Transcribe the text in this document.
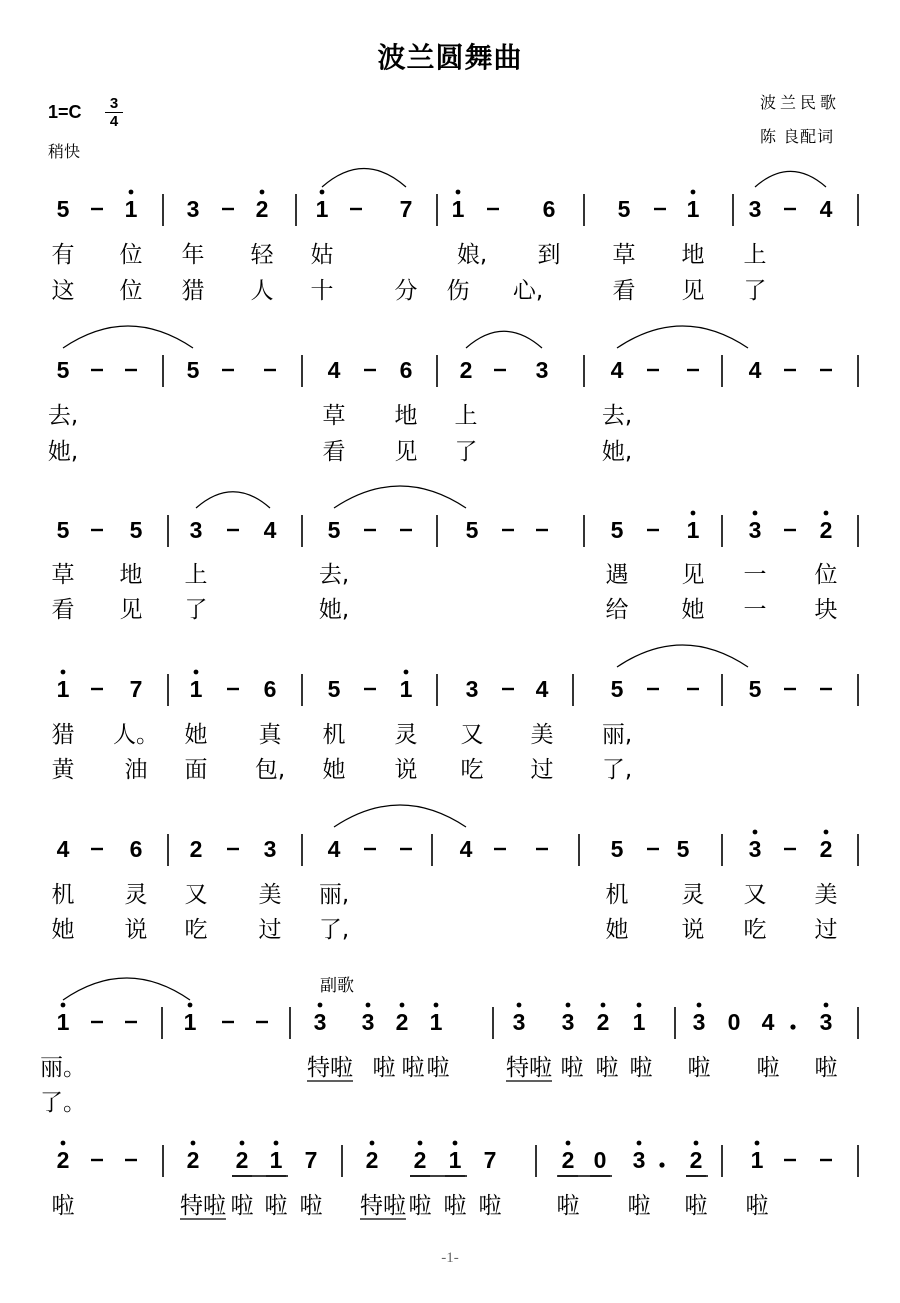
波兰圆舞曲
$1=C \frac{3}{4}$
稍快
波兰民歌
陈 良配词
5 1 3 2 1	7 1	6	5 1 3	4
有 位 年 轻 姑	娘, 到 草 地 上
这 位 猎 人 十	分 伤 心,	看 见 了
5	5	4	6 2	3	4	4
去,	草 地 上	去,
她,	看 见 了	她,
5	5 3	4 5	5	5	1 3	2
草 地 上	去,	遇 见 一 位
看 见 了	她,	给 她 一 块
1	7 1	6 5	1 3 4	5	5
猎 人。 她 真 机 灵 又 美 丽,
黄 油 面 包, 她 说 吃 过 了,
4	6 2	3 4	4	5 5	3	2
机 灵 又 美 丽,	机 灵 又 美
她 说 吃 过 了,	她 说 吃 过
1	1	3 3 2 1	3 3 2 1 3 0 4 3
副歌
丽。	特啦 啦 啦 啦 特啦 啦 啦 啦 啦 啦 啦
了。
2	2 2 1 7 2 2 1 7	2 0 3 2 1
啦	特啦 啦 啦 啦 特啦 啦 啦 啦 啦 啦 啦 啦
-1-
